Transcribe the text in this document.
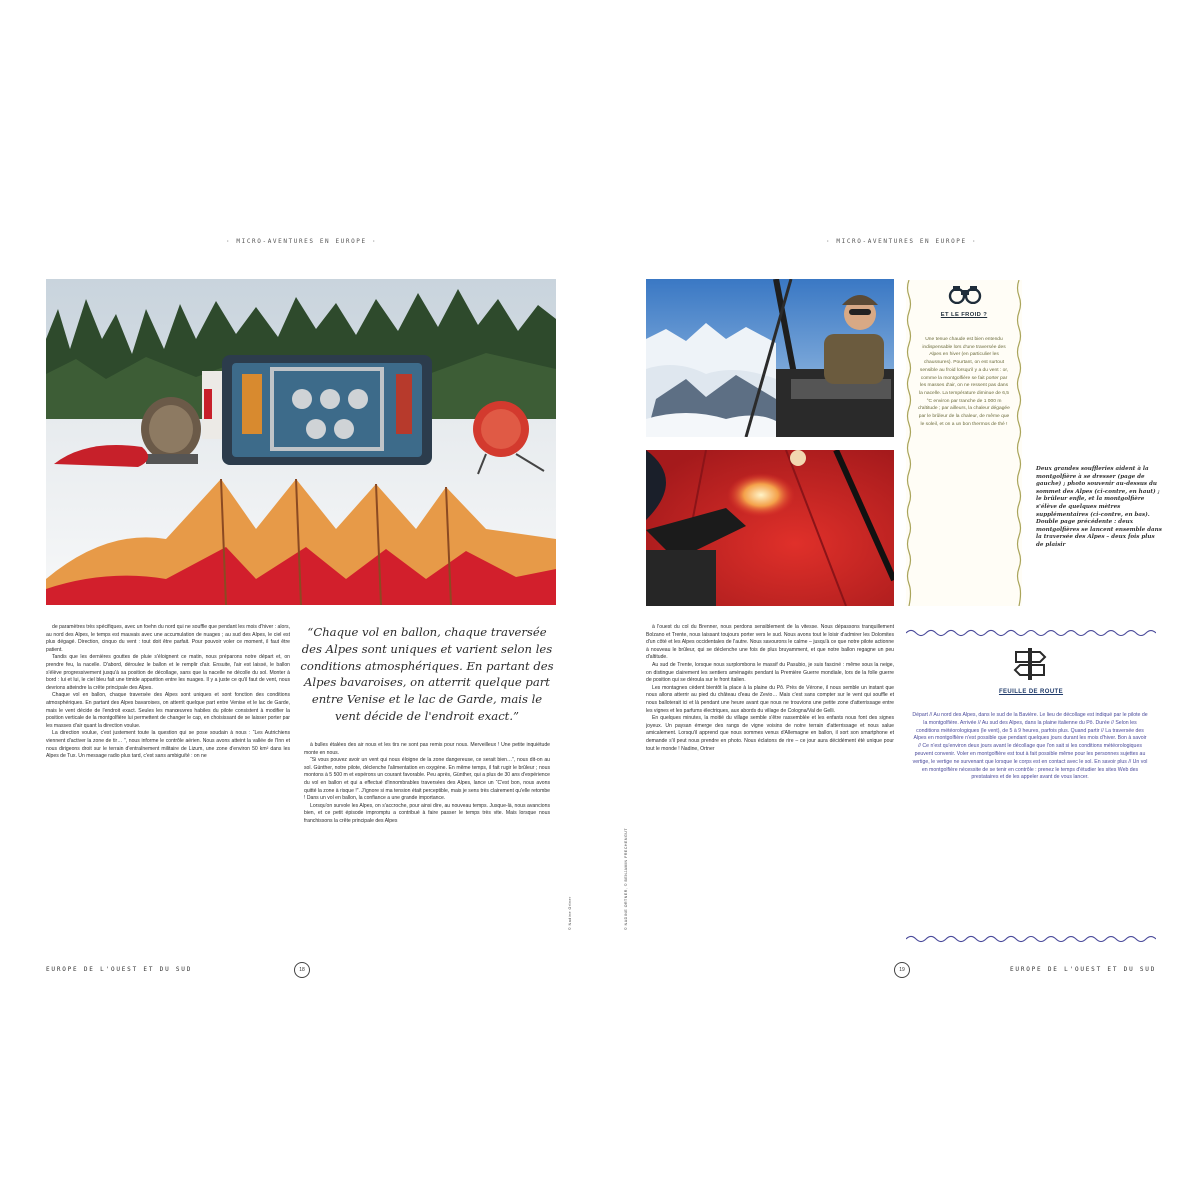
· MICRO-AVENTURES EN EUROPE ·

de paramètres très spécifiques, avec un foehn du nord qui ne souffle que pendant les mois d'hiver : alors, au nord des Alpes, le temps est mauvais avec une accumulation de nuages ; au sud des Alpes, le ciel est plus dégagé. Direction, cinquo du vent : tout doit être parfait. Pour pouvoir voler ce moment, il faut être patient.

Tandis que les dernières gouttes de pluie s'éloignent ce matin, nous préparons notre départ et, on prendre feu, la nacelle. D'abord, déroulez le ballon et le remplir d'air. Ensuite, l'air est laissé, le ballon s'élève progressivement jusqu'à sa position de décollage, sans que la nacelle ne décolle du sol. Monter à bord : lui et lui, le ciel bleu fait une timide apparition entre les nuages. Il y a juste ce qu'il faut de vent, nous devrions atteindre la crête principale des Alpes.

Chaque vol en ballon, chaque traversée des Alpes sont uniques et sont fonction des conditions atmosphériques. En partant des Alpes bavaroises, on atterrit quelque part entre Venise et le lac de Garde, mais le vent décide de l'endroit exact. Seules les manœuvres habiles du pilote consistent à modifier la position verticale de la montgolfière lui permettent de changer le cap, en choisissant de se laisser porter par les masses d'air quant la direction voulue.

La direction voulue, c'est justement toute la question qui se pose soudain à nous : “Les Autrichiens viennent d'activer la zone de tir… ”, nous informe le contrôle aérien. Nous avons atteint la vallée de l'Inn et nous dirigeons droit sur le terrain d'entraînement militaire de Lizum, une zone d'environ 50 km² dans les Alpes de Tux. Un message radio plus tard, c'est sans ambiguïté : on ne

“Chaque vol en ballon, chaque traversée des Alpes sont uniques et varient selon les conditions atmosphériques. En partant des Alpes bavaroises, on atterrit quelque part entre Venise et le lac de Garde, mais le vent décide de l'endroit exact.”

à bulles étalées des air nous et les tirs ne sont pas remis pour nous. Merveilleux ! Une petite inquiétude monte en nous.

“Si vous pouvez avoir un vent qui nous éloigne de la zone dangereuse, ce serait bien…”, nous dit-on au sol. Günther, notre pilote, déclenche l'alimentation en oxygène. En même temps, il fait rugir le brûleur ; nous montons à 5 500 m et espérons un courant favorable. Peu après, Günther, qui a plus de 30 ans d'expérience du vol en ballon et qui a effectué d'innombrables traversées des Alpes, lance un “C'est bon, nous avons quitté la zone à risque !”. J'ignore si ma tension était perceptible, mais je sens très clairement qu'elle retombe ! Dans un vol en ballon, la confiance a une grande importance.

Lorsqu'on survole les Alpes, on s'accroche, pour ainsi dire, au nouveau temps. Jusque-là, nous avancions bien, et ce petit épisode impromptu a contribué à faire passer le temps très vite. Mais lorsque nous franchissons la crête principale des Alpes

© Nadine Ortner
EUROPE DE L'OUEST ET DU SUD	18
· MICRO-AVENTURES EN EUROPE ·
ET LE FROID ?
Une tenue chaude est bien entendu indispensable lors d'une traversée des Alpes en hiver (en particulier les chaussures). Pourtant, on est surtout sensible au froid lorsqu'il y a du vent : or, comme la montgolfière se fait porter par les masses d'air, on ne ressent pas dans la nacelle. La température diminue de 6,5 °C environ par tranche de 1 000 m d'altitude ; par ailleurs, la chaleur dégagée par le brûleur de la chaleur, de même que le soleil, et on a un bon thermos de thé !
Deux grandes souffleries aident à la montgolfière à se dresser (page de gauche) ; photo souvenir au-dessus du sommet des Alpes (ci-contre, en haut) ; le brûleur enfle, et la montgolfière s'élève de quelques mètres supplémentaires (ci-contre, en bas). Double page précédente : deux montgolfières se lancent ensemble dans la traversée des Alpes – deux fois plus de plaisir

à l'ouest du col du Brenner, nous perdons sensiblement de la vitesse. Nous dépassons tranquillement Bolzano et Trente, nous laissant toujours porter vers le sud. Nous avons tout le loisir d'admirer les Dolomites d'un côté et les Alpes occidentales de l'autre. Nous savourons le calme – jusqu'à ce que notre pilote actionne à nouveau le brûleur, qui se déclenche une fois de plus bruyamment, et que notre ballon regagne un peu d'altitude.

Au sud de Trente, lorsque nous surplombons le massif du Pasubio, je suis fasciné : même sous la neige, on distingue clairement les sentiers aménagés pendant la Première Guerre mondiale, lors de la folle guerre de position qui se déroula sur le front italien.

Les montagnes cèdent bientôt la place à la plaine du Pô. Près de Vérone, il nous semble un instant que nous allons atterrir au pied du château d'eau de Zevio… Mais c'est sans compter sur le vent qui souffle et nous balloterait ici et là pendant une heure avant que nous ne trouvions une petite zone d'atterrissage entre les vignes et les parfums électriques, aux abords du village de Cologna/Val de Gelli.

En quelques minutes, la moitié du village semble s'être rassemblée et les enfants nous font des signes joyeux. Un paysan émerge des rangs de vigne voisins de notre terrain d'atterrissage et nous salue amicalement. Lorsqu'il apprend que nous sommes venus d'Allemagne en ballon, il sort son smartphone et demande s'il peut nous prendre en photo. Nous éclatons de rire – ce jour aura décidément été unique pour tout le monde ! Nadine, Ortner

© NADINE ORTNER, © BENJAMIN FRECHENGUT
FEUILLE DE ROUTE
Départ // Au nord des Alpes, dans le sud de la Bavière. Le lieu de décollage est indiqué par le pilote de la montgolfière. Arrivée // Au sud des Alpes, dans la plaine italienne du Pô. Durée // Selon les conditions météorologiques (le vent), de 5 à 9 heures, parfois plus. Quand partir // La traversée des Alpes en montgolfière n'est possible que pendant quelques jours durant les mois d'hiver. Bon à savoir // Ce n'est qu'environ deux jours avant le décollage que l'on sait si les conditions météorologiques peuvent convenir. Voler en montgolfière est tout à fait possible même pour les personnes sujettes au vertige, le vertige ne survenant que lorsque le corps est en contact avec le sol. En savoir plus // Un vol en montgolfière nécessite de se tenir en contrôle : prenez le temps d'étudier les sites Web des prestataires et de les appeler avant de vous lancer.
19	EUROPE DE L'OUEST ET DU SUD
